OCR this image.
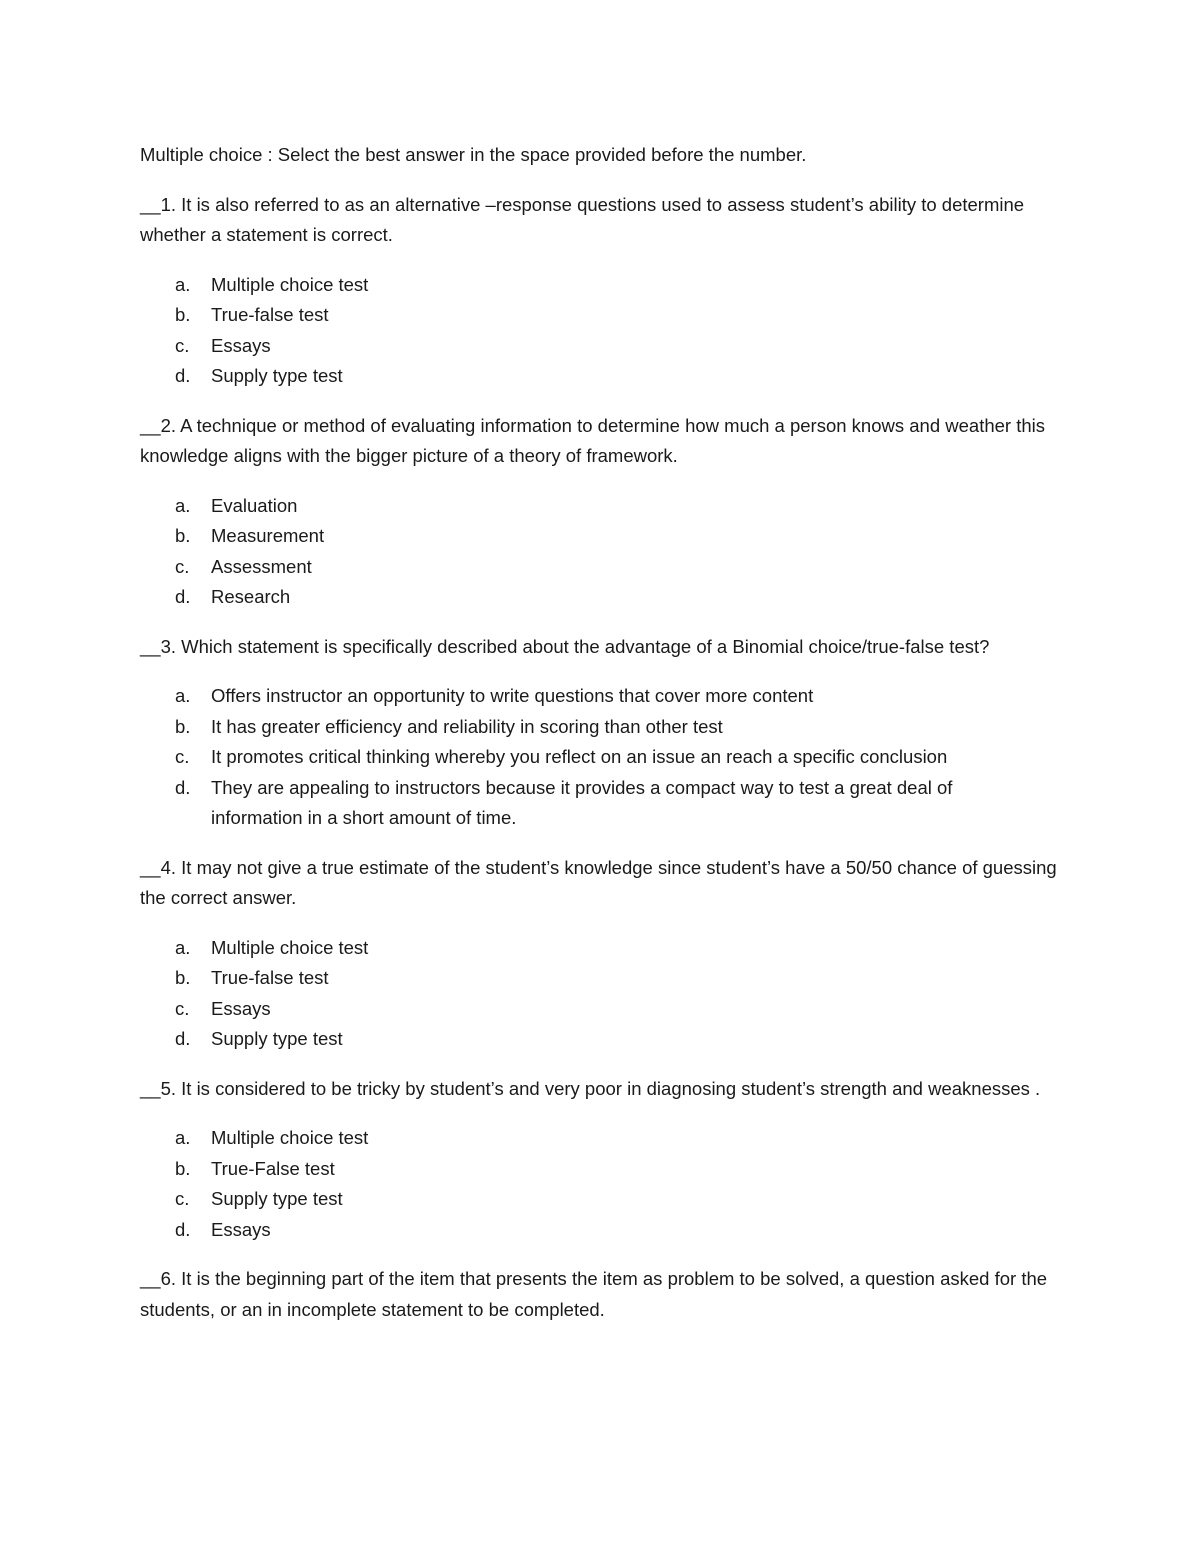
Multiple choice : Select the best answer in the space provided before the number.

__1. It is also referred to as an alternative –response questions used to assess student’s ability to determine whether a statement is correct.

a.	Multiple choice test
b.	True-false test
c.	Essays
d.	Supply type test

__2. A technique or method of evaluating information to determine how much a person knows and weather this knowledge aligns with the bigger picture of a theory of framework.

a.	Evaluation
b.	Measurement
c.	Assessment
d.	Research

__3. Which statement is specifically described about the advantage of a Binomial choice/true-false test?

a.	Offers instructor an opportunity to write questions that cover more content
b.	It has greater efficiency and reliability in scoring than other test
c.	It promotes critical thinking whereby you reflect on an issue an reach a specific conclusion
d.	They are appealing to instructors because it provides a compact way to test a great deal of information in a short amount of time.

__4. It may not give a true estimate of the student’s knowledge since student’s have a 50/50 chance of guessing the correct answer.

a.	Multiple choice test
b.	True-false test
c.	Essays
d.	Supply type test

__5. It is considered to be tricky by student’s and very poor in diagnosing student’s strength and weaknesses .

a.	Multiple choice test
b.	True-False test
c.	Supply type test
d.	Essays

__6. It is the beginning part of the item that presents the item as problem to be solved, a question asked for the students, or an in incomplete statement to be completed.
